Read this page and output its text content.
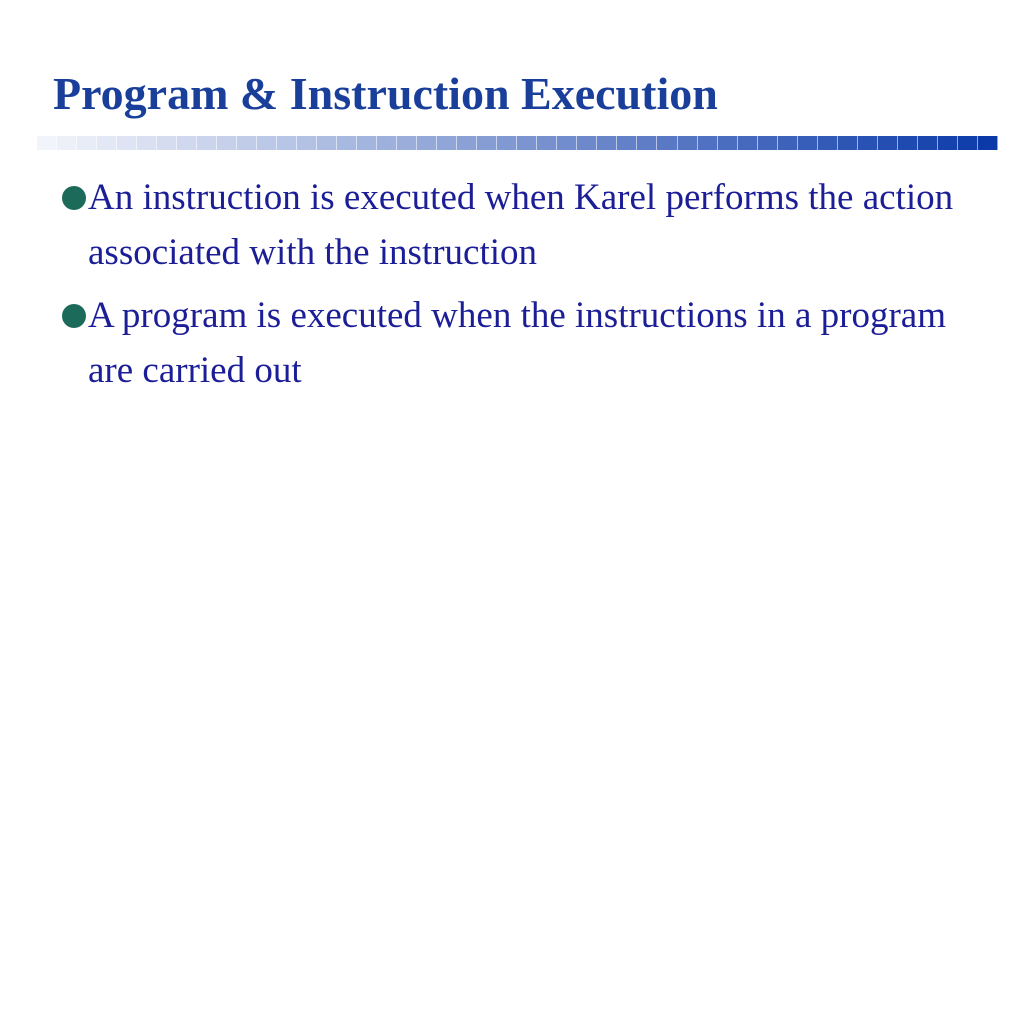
Program & Instruction Execution
An instruction is executed when Karel performs the action associated with the instruction
A program is executed when the instructions in a program are carried out
